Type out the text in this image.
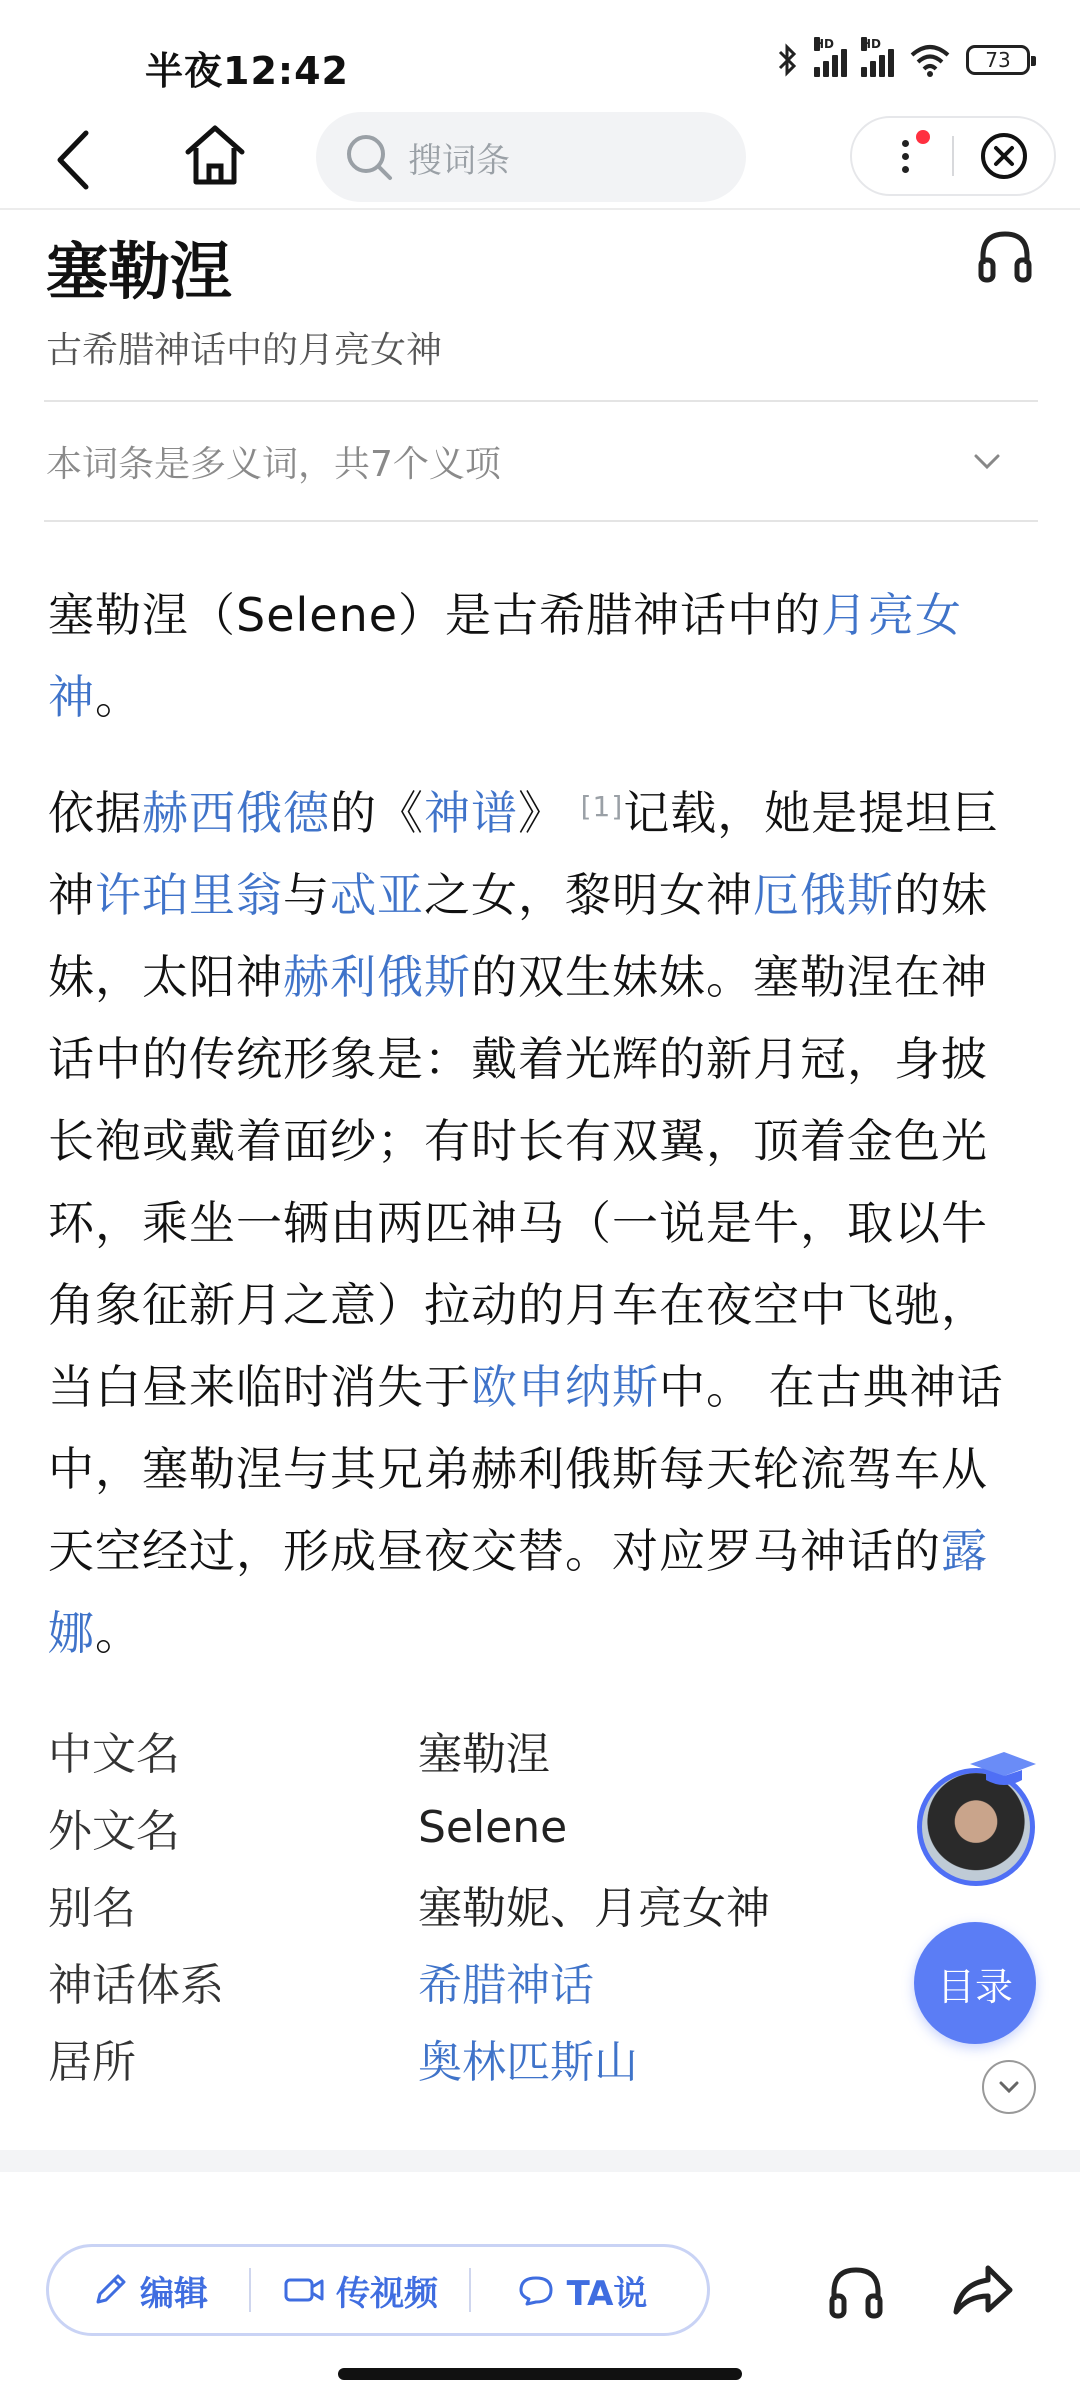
半夜12:42
HD HD
73
搜词条
塞勒涅
古希腊神话中的月亮女神
本词条是多义词，共7个义项
塞勒涅（Selene）是古希腊神话中的月亮女神。
依据赫西俄德的《神谱》 [1]记载，她是提坦巨神许珀里翁与忒亚之女，黎明女神厄俄斯的妹妹，太阳神赫利俄斯的双生妹妹。塞勒涅在神话中的传统形象是：戴着光辉的新月冠，身披长袍或戴着面纱；有时长有双翼，顶着金色光环，乘坐一辆由两匹神马（一说是牛，取以牛角象征新月之意）拉动的月车在夜空中飞驰，当白昼来临时消失于欧申纳斯中。 在古典神话中，塞勒涅与其兄弟赫利俄斯每天轮流驾车从天空经过，形成昼夜交替。对应罗马神话的露娜。
中文名	塞勒涅
外文名	Selene
别名	塞勒妮、月亮女神
神话体系	希腊神话
居所	奥林匹斯山
目录
编辑	传视频	TA说
